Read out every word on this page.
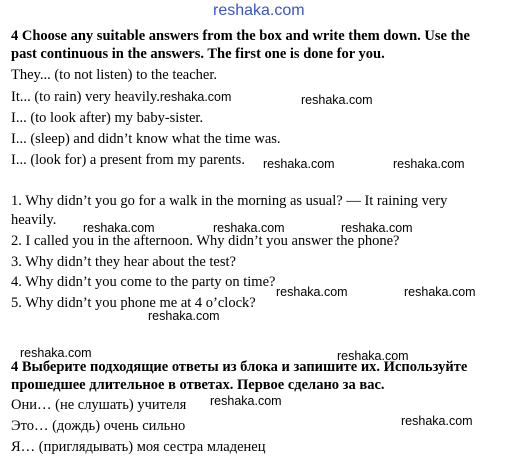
reshaka.com
4 Choose any suitable answers from the box and write them down. Use the
past continuous in the answers. The first one is done for you.
They... (to not listen) to the teacher.
It... (to rain) very heavily.reshaka.com
I... (to look after) my baby-sister.
I... (sleep) and didn’t know what the time was.
I... (look for) a present from my parents.
1. Why didn’t you go for a walk in the morning as usual? — It raining very
heavily.
2. I called you in the afternoon. Why didn’t you answer the phone?
3. Why didn’t they hear about the test?
4. Why didn’t you come to the party on time?
5. Why didn’t you phone me at 4 o’clock?
4 Выберите подходящие ответы из блока и запишите их. Используйте
прошедшее длительное в ответах. Первое сделано за вас.
Они… (не слушать) учителя
Это… (дождь) очень сильно
Я… (приглядывать) моя сестра младенец
reshaka.com
reshaka.com	reshaka.com
reshaka.com	reshaka.com	reshaka.com
reshaka.com	reshaka.com
reshaka.com
reshaka.com	reshaka.com
reshaka.com
reshaka.com
